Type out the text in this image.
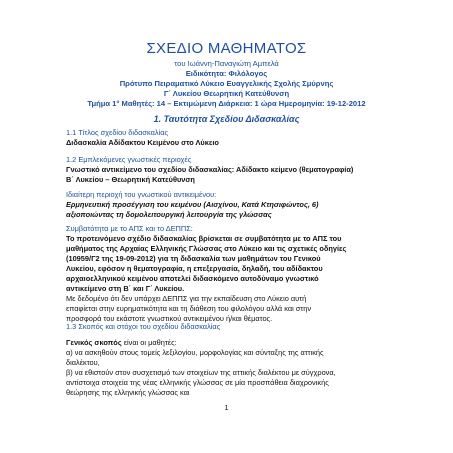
ΣΧΕΔΙΟ ΜΑΘΗΜΑΤΟΣ
του Ιωάννη-Παναγιώτη Αμπελά
Ειδικότητα: Φιλόλογος
Πρότυπο Πειραματικό Λύκειο Ευαγγελικής Σχολής Σμύρνης
Γ΄ Λυκείου Θεωρητική Κατεύθυνση
Τμήμα 1° Μαθητές: 14 – Εκτιμώμενη Διάρκεια: 1 ώρα Ημερομηνία: 19-12-2012
1. Ταυτότητα Σχεδίου Διδασκαλίας
1.1 Τίτλος σχεδίου διδασκαλίας
Διδασκαλία Αδίδακτου Κειμένου στο Λύκειο
1.2 Εμπλεκόμενες γνωστικές περιοχές
Γνωστικό αντικείμενο του σχεδίου διδασκαλίας: Αδίδακτο κείμενο (θεματογραφία)
Β΄ Λυκείου – Θεωρητική Κατεύθυνση
Ιδιαίτερη περιοχή του γνωστικού αντικειμένου:
Ερμηνευτική προσέγγιση του κειμένου (Αισχίνου, Κατά Κτησιφώντος, 6)
αξιοποιώντας τη δομολειτουργική λειτουργία της γλώσσας
Συμβατότητα με το ΑΠΣ και το ΔΕΠΠΣ:
Το προτεινόμενο σχέδιο διδασκαλίας βρίσκεται σε συμβατότητα με το ΑΠΣ του
μαθήματος της Αρχαίας Ελληνικής Γλώσσας στο Λύκειο και τις σχετικές οδηγίες
(10959/Γ2 της 19-09-2012) για τη διδασκαλία των μαθημάτων του Γενικού
Λυκείου, εφόσον η θεματογραφία, η επεξεργασία, δηλαδή, του αδίδακτου
αρχαιοελληνικού κειμένου αποτελεί διδασκόμενο αυτοδύναμο γνωστικό
αντικείμενο στη Β΄ και Γ΄ Λυκείου.
Με δεδομένο ότι δεν υπάρχει ΔΕΠΠΣ για την εκπαίδευση στο Λύκειο αυτή
επαφίεται στην ευρηματικότητα και τη διάθεση του φιλολόγου αλλά και στην
προσφορά του εκάστοτε γνωστικού αντικειμένου ή/και θέματος.
1.3 Σκοπός και στόχοι του σχεδίου διδασκαλίας
Γενικός σκοπός είναι οι μαθητές:
α) να ασκηθούν στους τομείς λεξιλογίου, μορφολογίας και σύνταξης της αττικής
διαλέκτου,
β) να εθιστούν στον συσχετισμό των στοιχείων της αττικής διαλέκτου με σύγχρονα,
αντίστοιχα στοιχεία της νέας ελληνικής γλώσσας σε μία προσπάθεια διαχρονικής
θεώρησης της ελληνικής γλώσσας και
1
